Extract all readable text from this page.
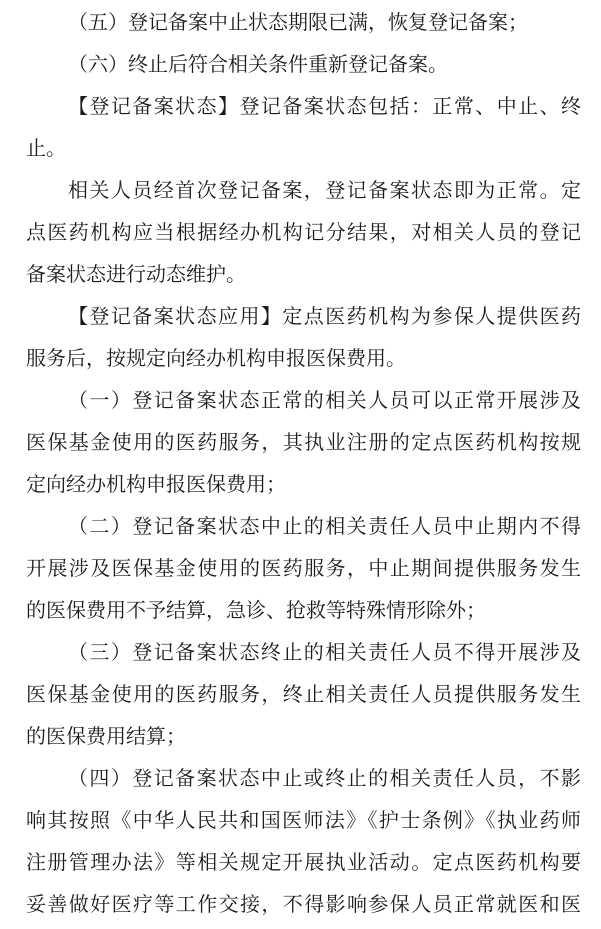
（五）登记备案中止状态期限已满，恢复登记备案；
（六）终止后符合相关条件重新登记备案。
【登记备案状态】登记备案状态包括：正常、中止、终
止。
相关人员经首次登记备案，登记备案状态即为正常。定
点医药机构应当根据经办机构记分结果，对相关人员的登记
备案状态进行动态维护。
【登记备案状态应用】定点医药机构为参保人提供医药
服务后，按规定向经办机构申报医保费用。
（一）登记备案状态正常的相关人员可以正常开展涉及
医保基金使用的医药服务，其执业注册的定点医药机构按规
定向经办机构申报医保费用；
（二）登记备案状态中止的相关责任人员中止期内不得
开展涉及医保基金使用的医药服务，中止期间提供服务发生
的医保费用不予结算，急诊、抢救等特殊情形除外；
（三）登记备案状态终止的相关责任人员不得开展涉及
医保基金使用的医药服务，终止相关责任人员提供服务发生
的医保费用结算；
（四）登记备案状态中止或终止的相关责任人员，不影
响其按照《中华人民共和国医师法》《护士条例》《执业药师
注册管理办法》等相关规定开展执业活动。定点医药机构要
妥善做好医疗等工作交接，不得影响参保人员正常就医和医
